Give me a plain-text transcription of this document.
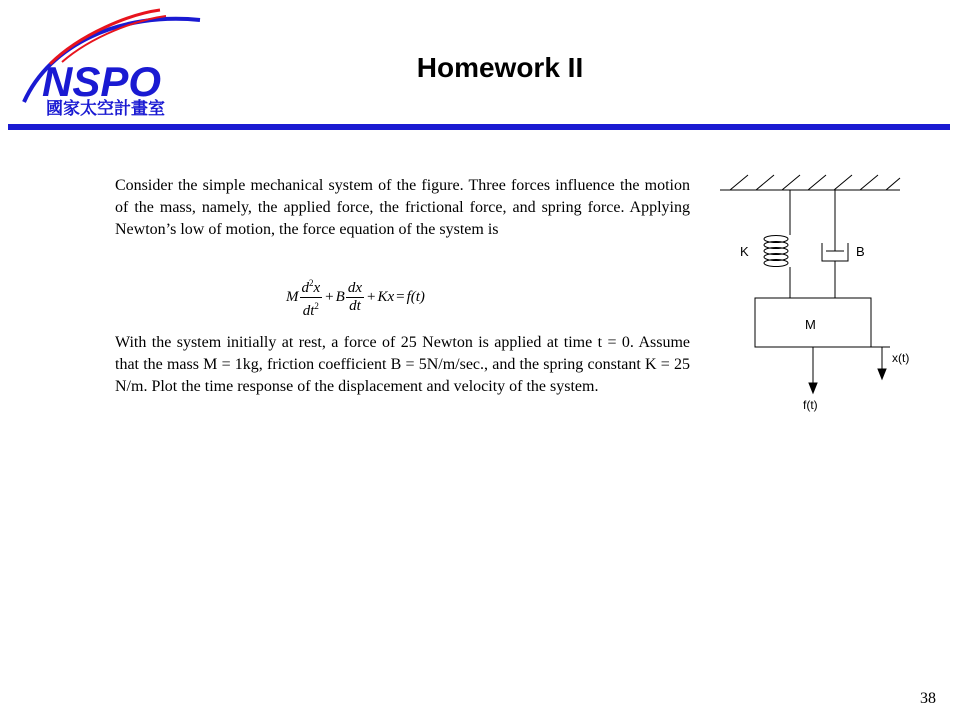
NSPO
國家太空計畫室
Homework II

Consider the simple mechanical system of the figure. Three forces influence the motion of the mass, namely, the applied force, the frictional force, and spring force. Applying Newton’s low of motion, the force equation of the system is

M $\frac{d^2x}{dt^2} + B \frac{dx}{dt} + Kx = f(t)$

With the system initially at rest, a force of 25 Newton is applied at time t = 0. Assume that the mass M = 1kg, friction coefficient B = 5N/m/sec., and the spring constant K = 25 N/m. Plot the time response of the displacement and velocity of the system.

K	B
M
x(t)
f(t)
38
